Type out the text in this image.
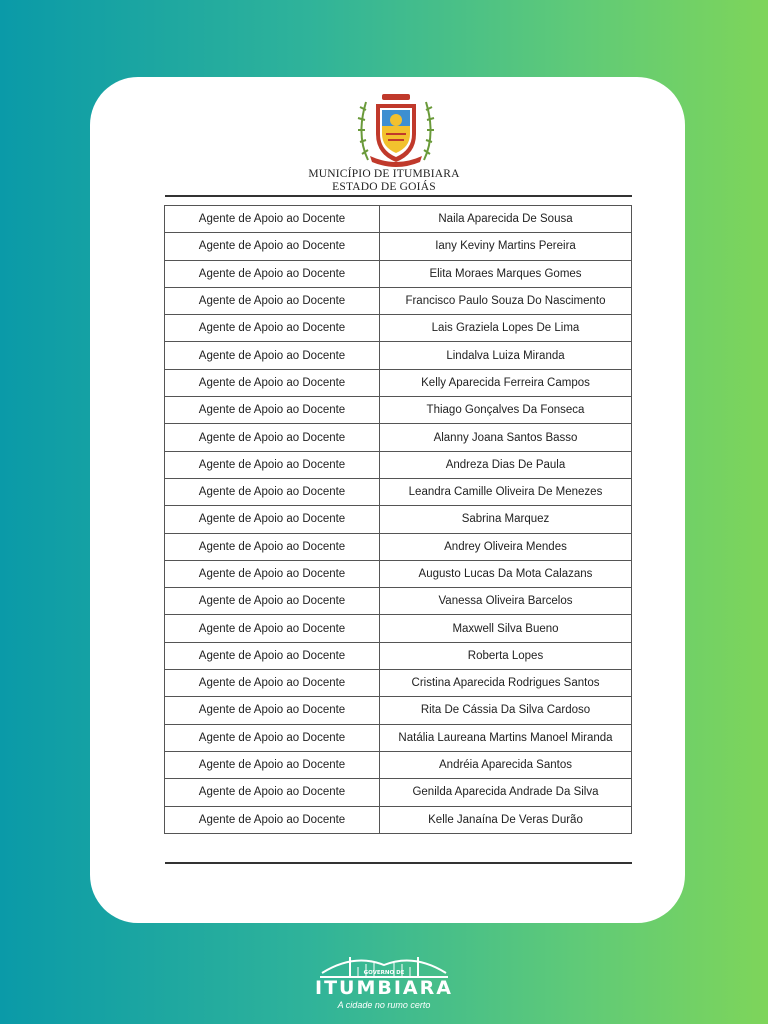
MUNICÍPIO DE ITUMBIARA
ESTADO DE GOIÁS
Agente de Apoio ao Docente	Naila Aparecida De Sousa
Agente de Apoio ao Docente	Iany Keviny Martins Pereira
Agente de Apoio ao Docente	Elita Moraes Marques Gomes
Agente de Apoio ao Docente	Francisco Paulo Souza Do Nascimento
Agente de Apoio ao Docente	Lais Graziela Lopes De Lima
Agente de Apoio ao Docente	Lindalva Luiza Miranda
Agente de Apoio ao Docente	Kelly Aparecida Ferreira Campos
Agente de Apoio ao Docente	Thiago Gonçalves Da Fonseca
Agente de Apoio ao Docente	Alanny Joana Santos Basso
Agente de Apoio ao Docente	Andreza Dias De Paula
Agente de Apoio ao Docente	Leandra Camille Oliveira De Menezes
Agente de Apoio ao Docente	Sabrina Marquez
Agente de Apoio ao Docente	Andrey Oliveira Mendes
Agente de Apoio ao Docente	Augusto Lucas Da Mota Calazans
Agente de Apoio ao Docente	Vanessa Oliveira Barcelos
Agente de Apoio ao Docente	Maxwell Silva Bueno
Agente de Apoio ao Docente	Roberta Lopes
Agente de Apoio ao Docente	Cristina Aparecida Rodrigues Santos
Agente de Apoio ao Docente	Rita De Cássia Da Silva Cardoso
Agente de Apoio ao Docente	Natália Laureana Martins Manoel Miranda
Agente de Apoio ao Docente	Andréia Aparecida Santos
Agente de Apoio ao Docente	Genilda Aparecida Andrade Da Silva
Agente de Apoio ao Docente	Kelle Janaína De Veras Durão
GOVERNO DE
ITUMBIARA
A cidade no rumo certo
